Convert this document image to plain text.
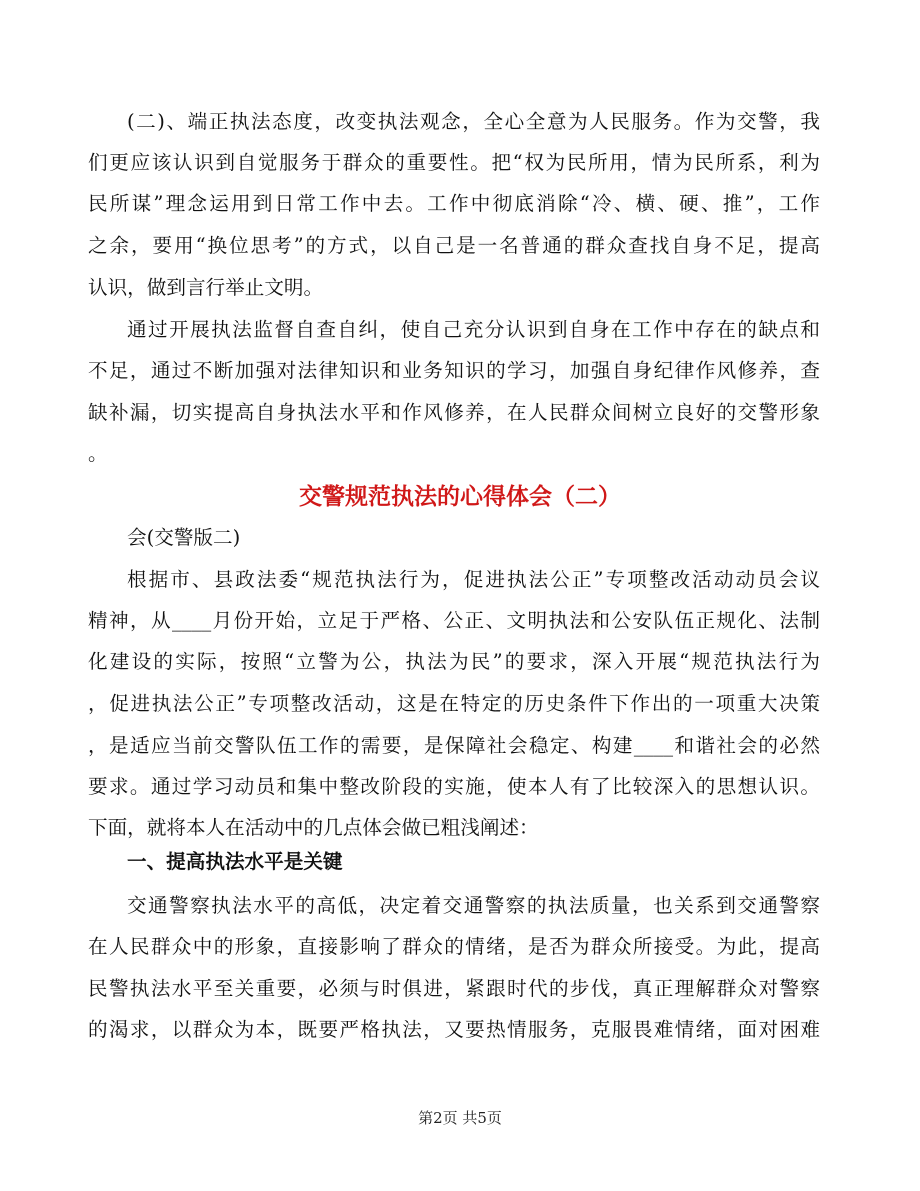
(二)、端正执法态度，改变执法观念，全心全意为人民服务。作为交警，我
们更应该认识到自觉服务于群众的重要性。把“权为民所用，情为民所系，利为
民所谋”理念运用到日常工作中去。工作中彻底消除“冷、横、硬、推”，工作
之余，要用“换位思考”的方式，以自己是一名普通的群众查找自身不足，提高
认识，做到言行举止文明。
通过开展执法监督自查自纠，使自己充分认识到自身在工作中存在的缺点和
不足，通过不断加强对法律知识和业务知识的学习，加强自身纪律作风修养，查
缺补漏，切实提高自身执法水平和作风修养，在人民群众间树立良好的交警形象
。
交警规范执法的心得体会（二）
会(交警版二)
根据市、县政法委“规范执法行为，促进执法公正”专项整改活动动员会议
精神，从____月份开始，立足于严格、公正、文明执法和公安队伍正规化、法制
化建设的实际，按照“立警为公，执法为民”的要求，深入开展“规范执法行为
，促进执法公正”专项整改活动，这是在特定的历史条件下作出的一项重大决策
，是适应当前交警队伍工作的需要，是保障社会稳定、构建____和谐社会的必然
要求。通过学习动员和集中整改阶段的实施，使本人有了比较深入的思想认识。
下面，就将本人在活动中的几点体会做已粗浅阐述：
一、提高执法水平是关键
交通警察执法水平的高低，决定着交通警察的执法质量，也关系到交通警察
在人民群众中的形象，直接影响了群众的情绪，是否为群众所接受。为此，提高
民警执法水平至关重要，必须与时俱进，紧跟时代的步伐，真正理解群众对警察
的渴求，以群众为本，既要严格执法，又要热情服务，克服畏难情绪，面对困难
第2页 共5页
